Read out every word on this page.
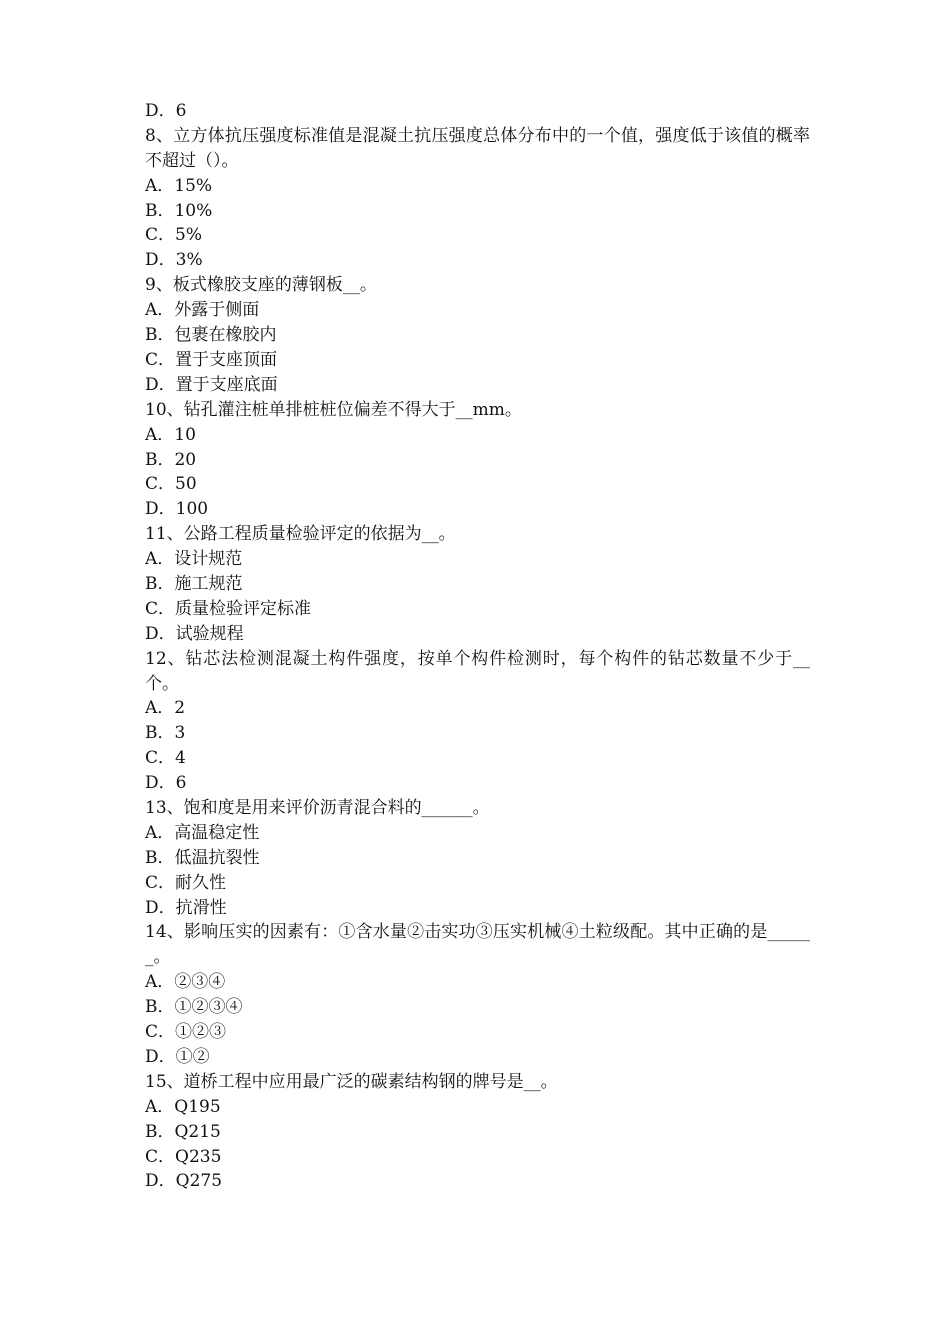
D．6

8、立方体抗压强度标准值是混凝土抗压强度总体分布中的一个值，强度低于该值的概率不超过（）。

A．15%

B．10%

C．5%

D．3%

9、板式橡胶支座的薄钢板__。

A．外露于侧面

B．包裹在橡胶内

C．置于支座顶面

D．置于支座底面

10、钻孔灌注桩单排桩桩位偏差不得大于__mm。

A．10

B．20

C．50

D．100

11、公路工程质量检验评定的依据为__。

A．设计规范

B．施工规范

C．质量检验评定标准

D．试验规程

12、钻芯法检测混凝土构件强度，按单个构件检测时，每个构件的钻芯数量不少于__个。

A．2

B．3

C．4

D．6

13、饱和度是用来评价沥青混合料的______。

A．高温稳定性

B．低温抗裂性

C．耐久性

D．抗滑性

14、影响压实的因素有：①含水量②击实功③压实机械④土粒级配。其中正确的是______。

A．②③④

B．①②③④

C．①②③

D．①②

15、道桥工程中应用最广泛的碳素结构钢的牌号是__。

A．Q195

B．Q215

C．Q235

D．Q275
